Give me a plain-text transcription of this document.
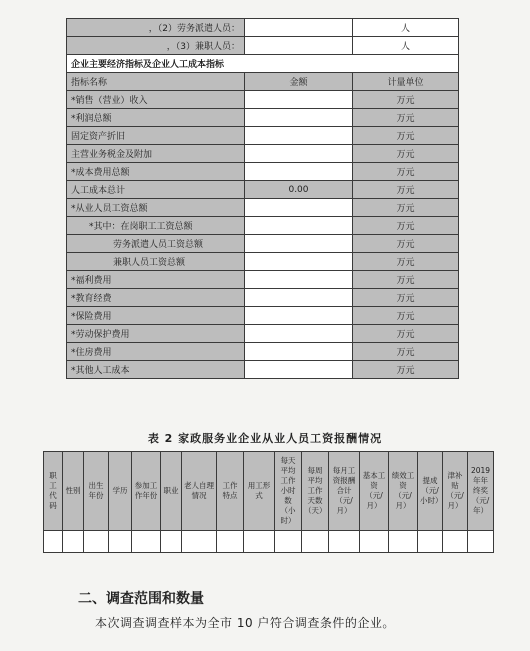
，（2）劳务派遣人员：		人
，（3）兼职人员：		人
企业主要经济指标及企业人工成本指标		
指标名称	金额	计量单位
*销售（营业）收入		万元
*利润总额		万元
固定资产折旧		万元
主营业务税金及附加		万元
*成本费用总额		万元
人工成本总计	0.00	万元
*从业人员工资总额		万元
*其中：在岗职工工资总额		万元
劳务派遣人员工资总额		万元
兼职人员工资总额		万元
*福利费用		万元
*教育经费		万元
*保险费用		万元
*劳动保护费用		万元
*住房费用		万元
*其他人工成本		万元
表 2 家政服务业企业从业人员工资报酬情况
职工代码	性别	出生年份	学历	参加工作年份	职业	老人自理情况	工作特点	用工形式	每天平均工作小时数（小时）	每周平均工作天数（天）	每月工资报酬合计（元/月）	基本工资（元/月）	绩效工资（元/月）	提成（元/小时）	津补贴（元/月）	2019年年终奖（元/年）

二、调查范围和数量
本次调查调查样本为全市 10 户符合调查条件的企业。
